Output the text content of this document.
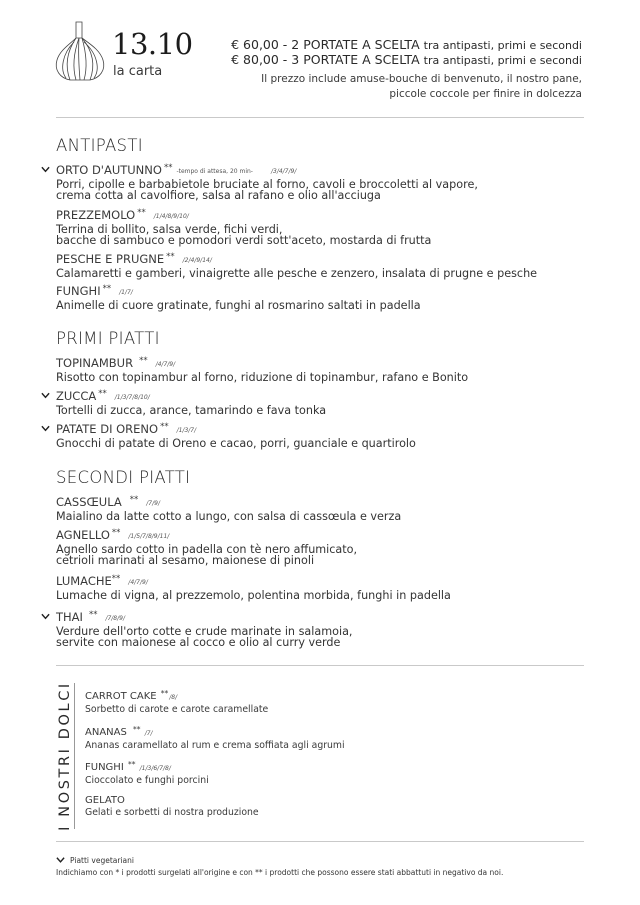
13.10
la carta
€ 60,00 - 2 PORTATE A SCELTA tra antipasti, primi e secondi
€ 80,00 - 3 PORTATE A SCELTA tra antipasti, primi e secondi
Il prezzo include amuse-bouche di benvenuto, il nostro pane,
piccole coccole per finire in dolcezza
ANTIPASTI
ORTO D'AUTUNNO ** -tempo di attesa, 20 min-	/3/4/7/9/
Porri, cipolle e barbabietole bruciate al forno, cavoli e broccoletti al vapore,
crema cotta al cavolfiore, salsa al rafano e olio all'acciuga
PREZZEMOLO ** /1/4/8/9/10/
Terrina di bollito, salsa verde, fichi verdi,
bacche di sambuco e pomodori verdi sott'aceto, mostarda di frutta
PESCHE E PRUGNE ** /2/4/9/14/
Calamaretti e gamberi, vinaigrette alle pesche e zenzero, insalata di prugne e pesche
FUNGHI ** /1/7/
Animelle di cuore gratinate, funghi al rosmarino saltati in padella
PRIMI PIATTI
TOPINAMBUR ** /4/7/9/
Risotto con topinambur al forno, riduzione di topinambur, rafano e Bonito
ZUCCA ** /1/3/7/8/10/
Tortelli di zucca, arance, tamarindo e fava tonka
PATATE DI ORENO ** /1/3/7/
Gnocchi di patate di Oreno e cacao, porri, guanciale e quartirolo
SECONDI PIATTI
CASSŒULA ** /7/9/
Maialino da latte cotto a lungo, con salsa di cassœula e verza
AGNELLO ** /1/5/7/8/9/11/
Agnello sardo cotto in padella con tè nero affumicato,
cetrioli marinati al sesamo, maionese di pinoli
LUMACHE** /4/7/9/
Lumache di vigna, al prezzemolo, polentina morbida, funghi in padella
THAI ** /7/8/9/
Verdure dell'orto cotte e crude marinate in salamoia,
servite con maionese al cocco e olio al curry verde
I NOSTRI DOLCI CARROT CAKE **/8/
Sorbetto di carote e carote caramellate
ANANAS ** /7/
Ananas caramellato al rum e crema soffiata agli agrumi
FUNGHI ** /1/3/6/7/8/
Cioccolato e funghi porcini
GELATO
Gelati e sorbetti di nostra produzione
Piatti vegetariani
Indichiamo con * i prodotti surgelati all'origine e con ** i prodotti che possono essere stati abbattuti in negativo da noi.
